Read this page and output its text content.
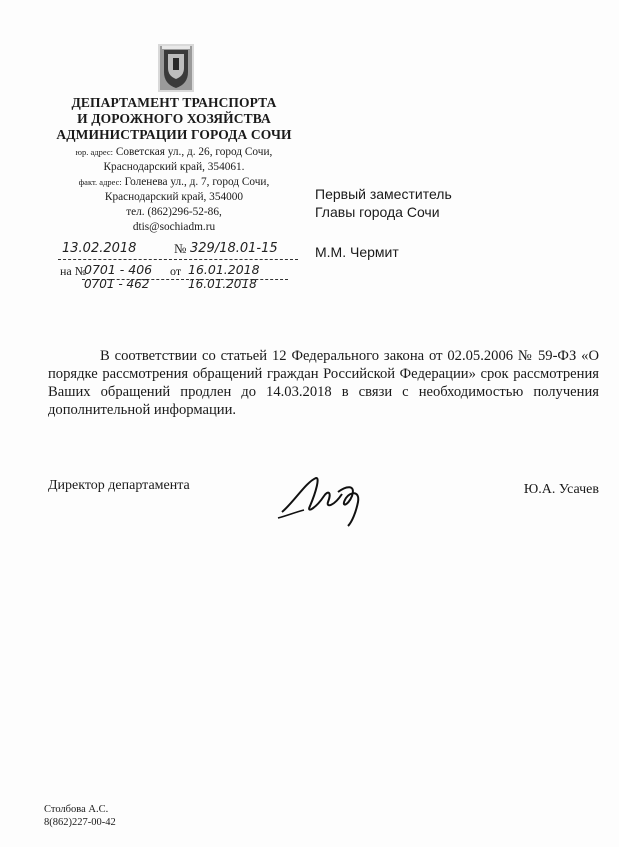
ДЕПАРТАМЕНТ ТРАНСПОРТА
И ДОРОЖНОГО ХОЗЯЙСТВА
АДМИНИСТРАЦИИ ГОРОДА СОЧИ
юр. адрес: Советская ул., д. 26, город Сочи,
Краснодарский край, 354061.
факт. адрес: Голенева ул., д. 7, город Сочи,
Краснодарский край, 354000
тел. (862)296-52-86,
dtis@sochiadm.ru
13.02.2018	№ 329/18.01-15
на №
0701 - 406 от 16.01.2018
0701 - 462	16.01.2018
Первый заместитель
Главы города Сочи
М.М. Чермит
В соответствии со статьей 12 Федерального закона от 02.05.2006 № 59-ФЗ «О порядке рассмотрения обращений граждан Российской Федерации» срок рассмотрения Ваших обращений продлен до 14.03.2018 в связи с необходимостью получения дополнительной информации.
Директор департамента	Ю.А. Усачев
Столбова А.С.
8(862)227-00-42
